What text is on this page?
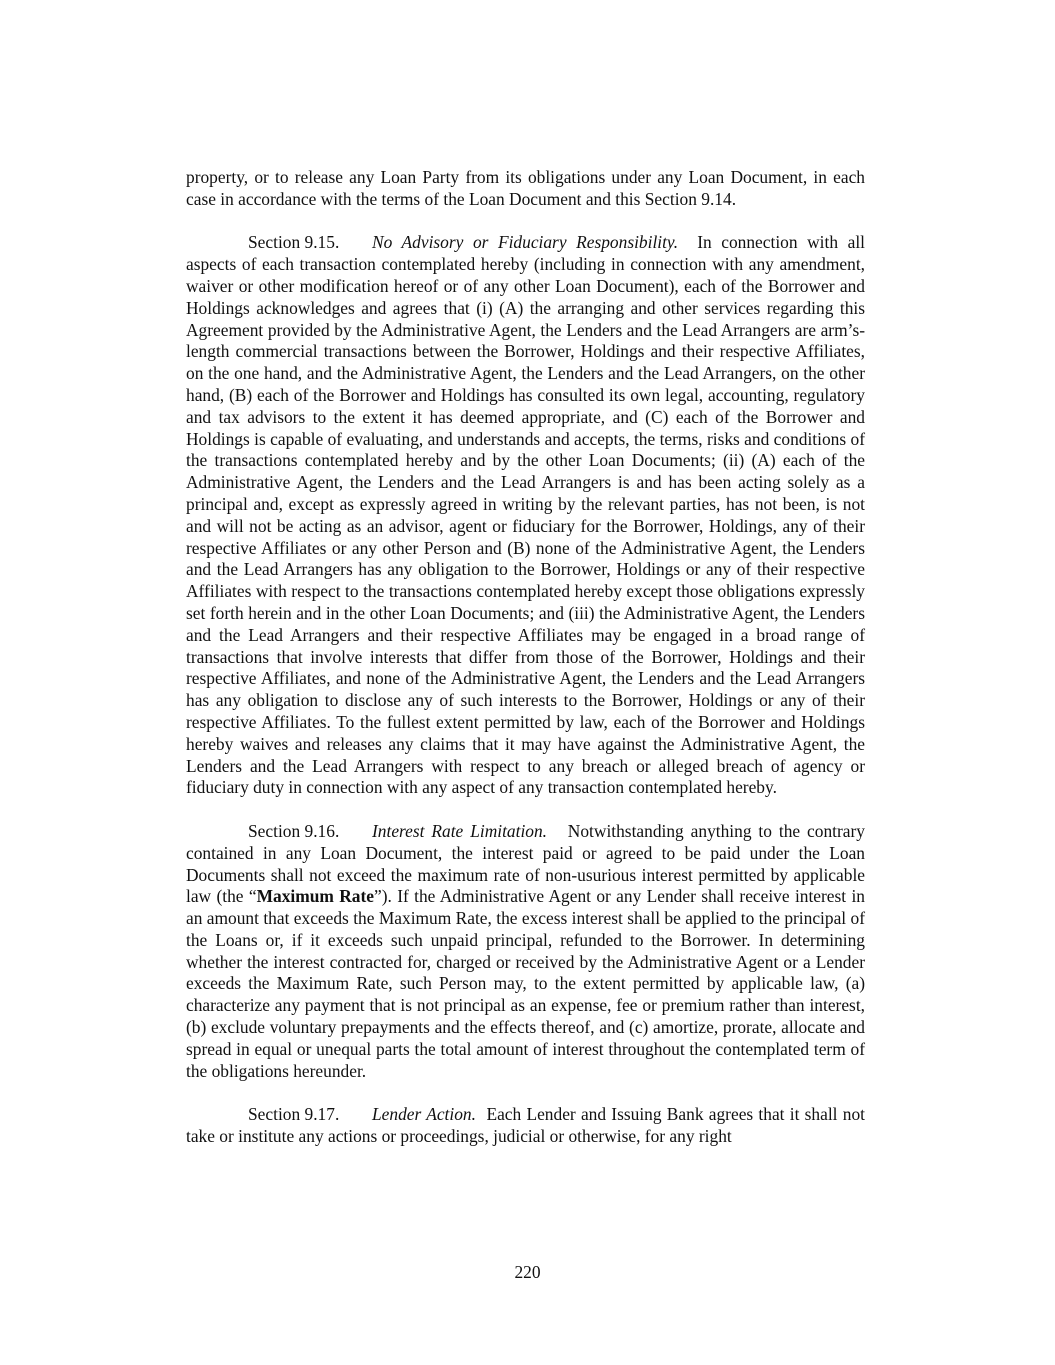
property, or to release any Loan Party from its obligations under any Loan Document, in each case in accordance with the terms of the Loan Document and this Section 9.14.

Section 9.15. No Advisory or Fiduciary Responsibility. In connection with all aspects of each transaction contemplated hereby (including in connection with any amendment, waiver or other modification hereof or of any other Loan Document), each of the Borrower and Holdings acknowledges and agrees that (i) (A) the arranging and other services regarding this Agreement provided by the Administrative Agent, the Lenders and the Lead Arrangers are arm’s-length commercial transactions between the Borrower, Holdings and their respective Affiliates, on the one hand, and the Administrative Agent, the Lenders and the Lead Arrangers, on the other hand, (B) each of the Borrower and Holdings has consulted its own legal, accounting, regulatory and tax advisors to the extent it has deemed appropriate, and (C) each of the Borrower and Holdings is capable of evaluating, and understands and accepts, the terms, risks and conditions of the transactions contemplated hereby and by the other Loan Documents; (ii) (A) each of the Administrative Agent, the Lenders and the Lead Arrangers is and has been acting solely as a principal and, except as expressly agreed in writing by the relevant parties, has not been, is not and will not be acting as an advisor, agent or fiduciary for the Borrower, Holdings, any of their respective Affiliates or any other Person and (B) none of the Administrative Agent, the Lenders and the Lead Arrangers has any obligation to the Borrower, Holdings or any of their respective Affiliates with respect to the transactions contemplated hereby except those obligations expressly set forth herein and in the other Loan Documents; and (iii) the Administrative Agent, the Lenders and the Lead Arrangers and their respective Affiliates may be engaged in a broad range of transactions that involve interests that differ from those of the Borrower, Holdings and their respective Affiliates, and none of the Administrative Agent, the Lenders and the Lead Arrangers has any obligation to disclose any of such interests to the Borrower, Holdings or any of their respective Affiliates. To the fullest extent permitted by law, each of the Borrower and Holdings hereby waives and releases any claims that it may have against the Administrative Agent, the Lenders and the Lead Arrangers with respect to any breach or alleged breach of agency or fiduciary duty in connection with any aspect of any transaction contemplated hereby.

Section 9.16. Interest Rate Limitation. Notwithstanding anything to the contrary contained in any Loan Document, the interest paid or agreed to be paid under the Loan Documents shall not exceed the maximum rate of non-usurious interest permitted by applicable law (the “Maximum Rate”). If the Administrative Agent or any Lender shall receive interest in an amount that exceeds the Maximum Rate, the excess interest shall be applied to the principal of the Loans or, if it exceeds such unpaid principal, refunded to the Borrower. In determining whether the interest contracted for, charged or received by the Administrative Agent or a Lender exceeds the Maximum Rate, such Person may, to the extent permitted by applicable law, (a) characterize any payment that is not principal as an expense, fee or premium rather than interest, (b) exclude voluntary prepayments and the effects thereof, and (c) amortize, prorate, allocate and spread in equal or unequal parts the total amount of interest throughout the contemplated term of the obligations hereunder.

Section 9.17. Lender Action. Each Lender and Issuing Bank agrees that it shall not take or institute any actions or proceedings, judicial or otherwise, for any right

220
